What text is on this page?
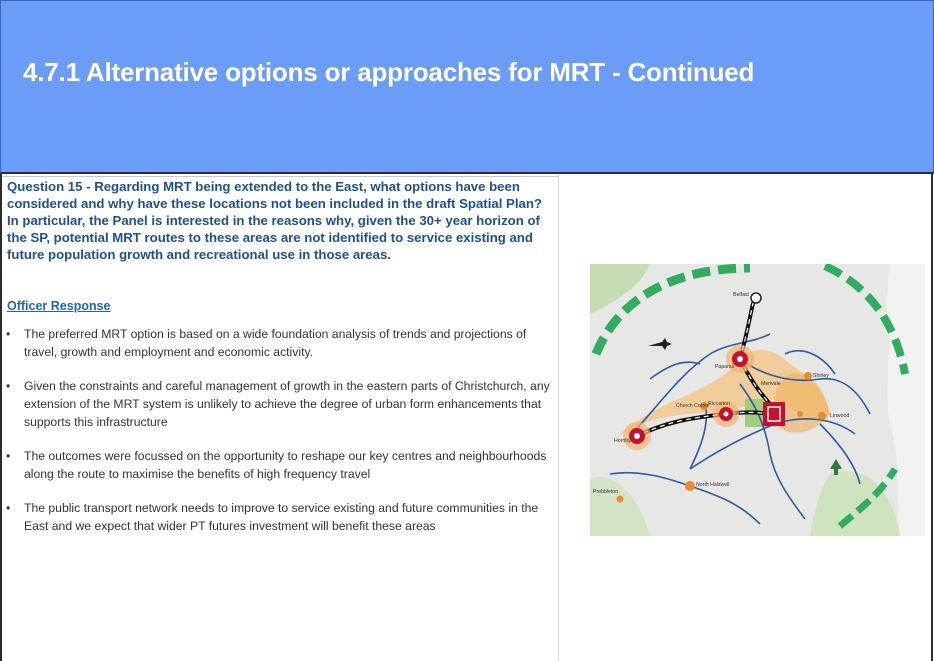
4.7.1 Alternative options or approaches for MRT - Continued
Question 15 - Regarding MRT being extended to the East, what options have been considered and why have these locations not been included in the draft Spatial Plan? In particular, the Panel is interested in the reasons why, given the 30+ year horizon of the SP, potential MRT routes to these areas are not identified to service existing and future population growth and recreational use in those areas.
Officer Response
• The preferred MRT option is based on a wide foundation analysis of trends and projections of travel, growth and employment and economic activity.
• Given the constraints and careful management of growth in the eastern parts of Christchurch, any extension of the MRT system is unlikely to achieve the degree of urban form enhancements that supports this infrastructure
• The outcomes were focussed on the opportunity to reshape our key centres and neighbourhoods along the route to maximise the benefits of high frequency travel
• The public transport network needs to improve to service existing and future communities in the East and we expect that wider PT futures investment will benefit these areas
Belfast
Papanui
Shirley
Merivale
Church Corner
Riccarton
Linwood
Hornby
North Halswell
Prebbleton
